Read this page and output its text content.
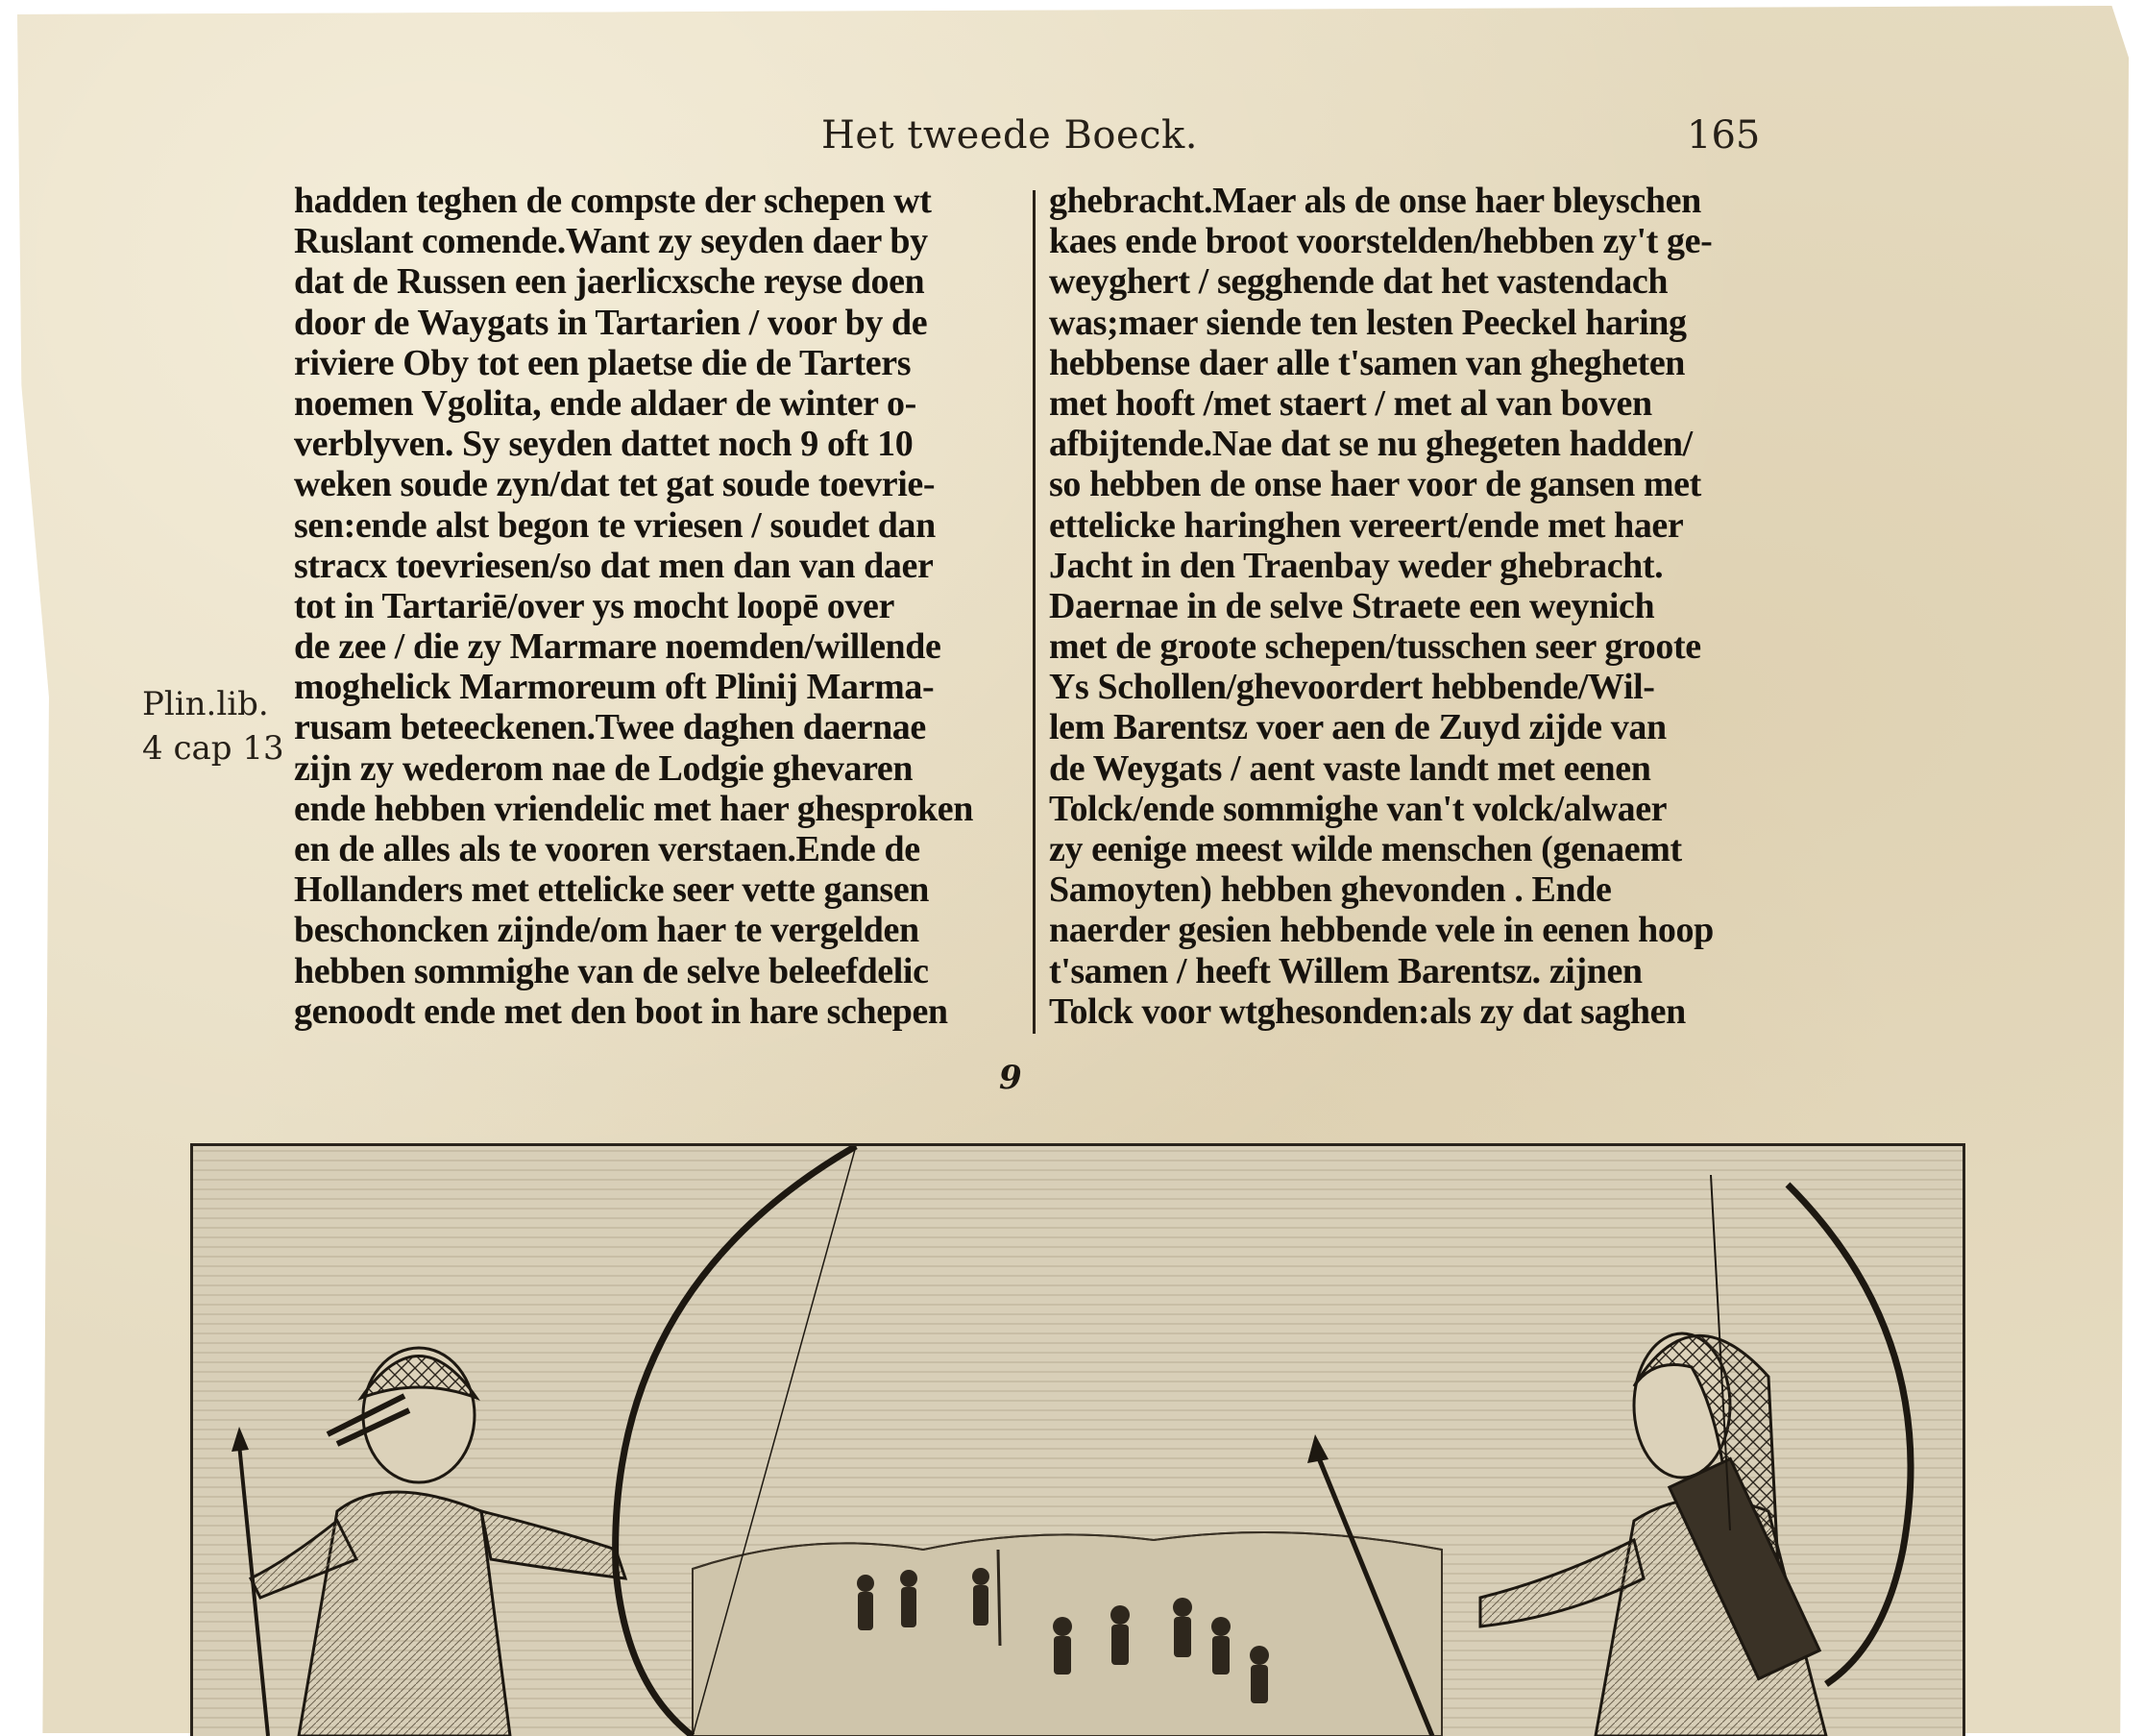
Het tweede Boeck.	165
hadden teghen de compste der schepen wt
Ruslant comende.Want zy seyden daer by
dat de Russen een jaerlicxsche reyse doen
door de Waygats in Tartarien / voor by de
riviere Oby tot een plaetse die de Tarters
noemen Vgolita, ende aldaer de winter o-
verblyven. Sy seyden dattet noch 9 oft 10
weken soude zyn/dat tet gat soude toevrie-
sen:ende alst begon te vriesen / soudet dan
stracx toevriesen/so dat men dan van daer
tot in Tartariē/over ys mocht loopē over
de zee / die zy Marmare noemden/willende
moghelick Marmoreum oft Plinij Marma-
rusam beteeckenen.Twee daghen daernae
zijn zy wederom nae de Lodgie ghevaren
ende hebben vriendelic met haer ghesproken
en de alles als te vooren verstaen.Ende de
Hollanders met ettelicke seer vette gansen
beschoncken zijnde/om haer te vergelden
hebben sommighe van de selve beleefdelic
genoodt ende met den boot in hare schepen
ghebracht.Maer als de onse haer bleyschen
kaes ende broot voorstelden/hebben zy't ge-
weyghert / segghende dat het vastendach
was;maer siende ten lesten Peeckel haring
hebbense daer alle t'samen van ghegheten
met hooft /met staert / met al van boven
afbijtende.Nae dat se nu ghegeten hadden/
so hebben de onse haer voor de gansen met
ettelicke haringhen vereert/ende met haer
Jacht in den Traenbay weder ghebracht.
Daernae in de selve Straete een weynich
met de groote schepen/tusschen seer groote
Ys Schollen/ghevoordert hebbende/Wil-
lem Barentsz voer aen de Zuyd zijde van
de Weygats / aent vaste landt met eenen
Tolck/ende sommighe van't volck/alwaer
zy eenige meest wilde menschen (genaemt
Samoyten) hebben ghevonden . Ende
naerder gesien hebbende vele in eenen hoop
t'samen / heeft Willem Barentsz. zijnen
Tolck voor wtghesonden:als zy dat saghen
Plin.lib.
4 cap 13
9
